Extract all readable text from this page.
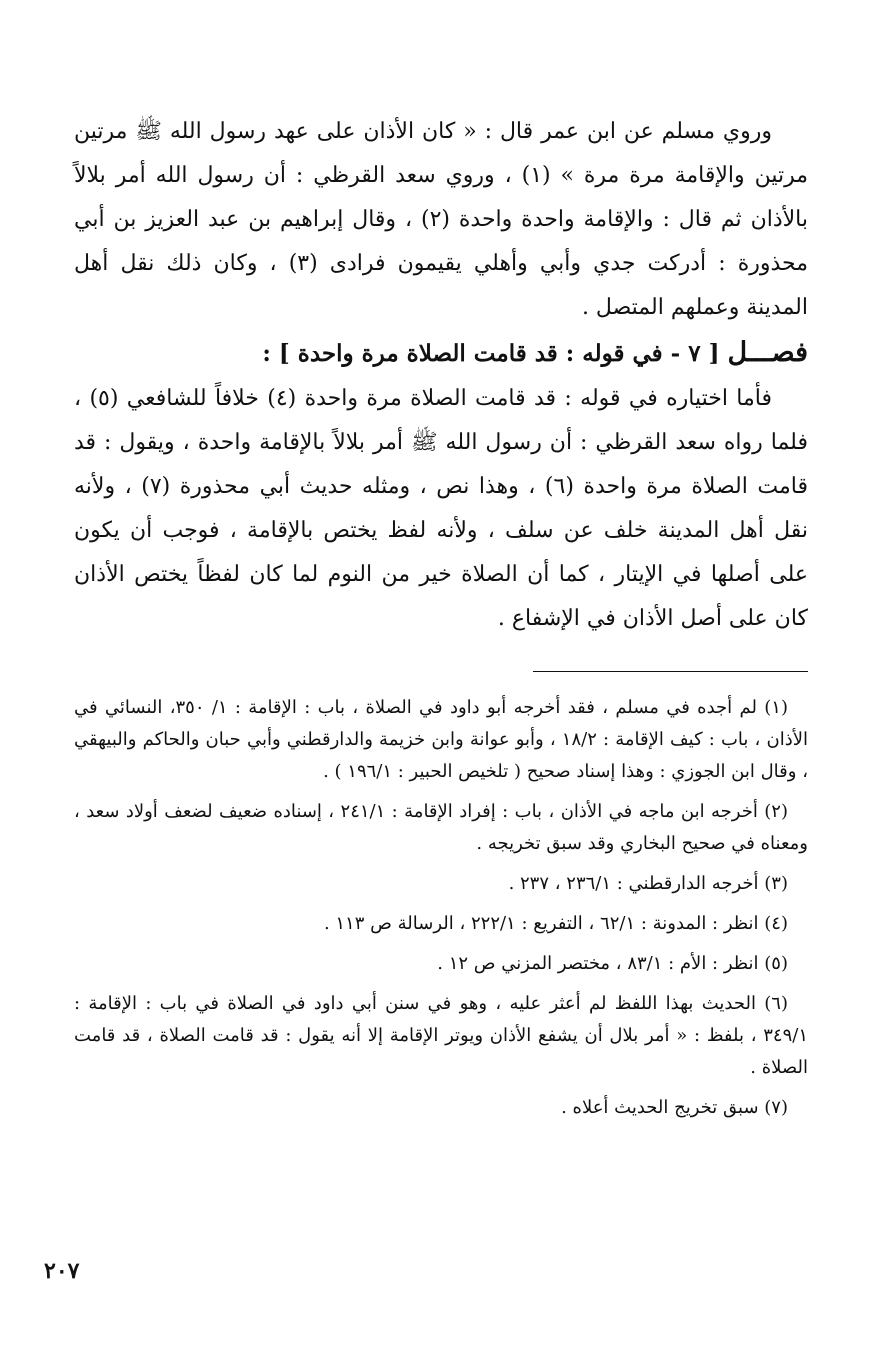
وروي مسلم عن ابن عمر قال : « كان الأذان على عهد رسول الله ﷺ مرتين مرتين والإقامة مرة مرة » (١) ، وروي سعد القرظي : أن رسول الله أمر بلالاً بالأذان ثم قال : والإقامة واحدة واحدة (٢) ، وقال إبراهيم بن عبد العزيز بن أبي محذورة : أدركت جدي وأبي وأهلي يقيمون فرادى (٣) ، وكان ذلك نقل أهل المدينة وعملهم المتصل .

فصـــل [ ٧ - في قوله : قد قامت الصلاة مرة واحدة ] :

فأما اختياره في قوله : قد قامت الصلاة مرة واحدة (٤) خلافاً للشافعي (٥) ، فلما رواه سعد القرظي : أن رسول الله ﷺ أمر بلالاً بالإقامة واحدة ، ويقول : قد قامت الصلاة مرة واحدة (٦) ، وهذا نص ، ومثله حديث أبي محذورة (٧) ، ولأنه نقل أهل المدينة خلف عن سلف ، ولأنه لفظ يختص بالإقامة ، فوجب أن يكون على أصلها في الإيتار ، كما أن الصلاة خير من النوم لما كان لفظاً يختص الأذان كان على أصل الأذان في الإشفاع .

(١) لم أجده في مسلم ، فقد أخرجه أبو داود في الصلاة ، باب : الإقامة : ١/ ٣٥٠، النسائي في الأذان ، باب : كيف الإقامة : ١٨/٢ ، وأبو عوانة وابن خزيمة والدارقطني وأبي حبان والحاكم والبيهقي ، وقال ابن الجوزي : وهذا إسناد صحيح ( تلخيص الحبير : ١٩٦/١ ) .

(٢) أخرجه ابن ماجه في الأذان ، باب : إفراد الإقامة : ٢٤١/١ ، إسناده ضعيف لضعف أولاد سعد ، ومعناه في صحيح البخاري وقد سبق تخريجه .

(٣) أخرجه الدارقطني : ٢٣٦/١ ، ٢٣٧ .

(٤) انظر : المدونة : ٦٢/١ ، التفريع : ٢٢٢/١ ، الرسالة ص ١١٣ .

(٥) انظر : الأم : ٨٣/١ ، مختصر المزني ص ١٢ .

(٦) الحديث بهذا اللفظ لم أعثر عليه ، وهو في سنن أبي داود في الصلاة في باب : الإقامة : ٣٤٩/١ ، بلفظ : « أمر بلال أن يشفع الأذان ويوتر الإقامة إلا أنه يقول : قد قامت الصلاة ، قد قامت الصلاة .

(٧) سبق تخريج الحديث أعلاه .

٢٠٧
